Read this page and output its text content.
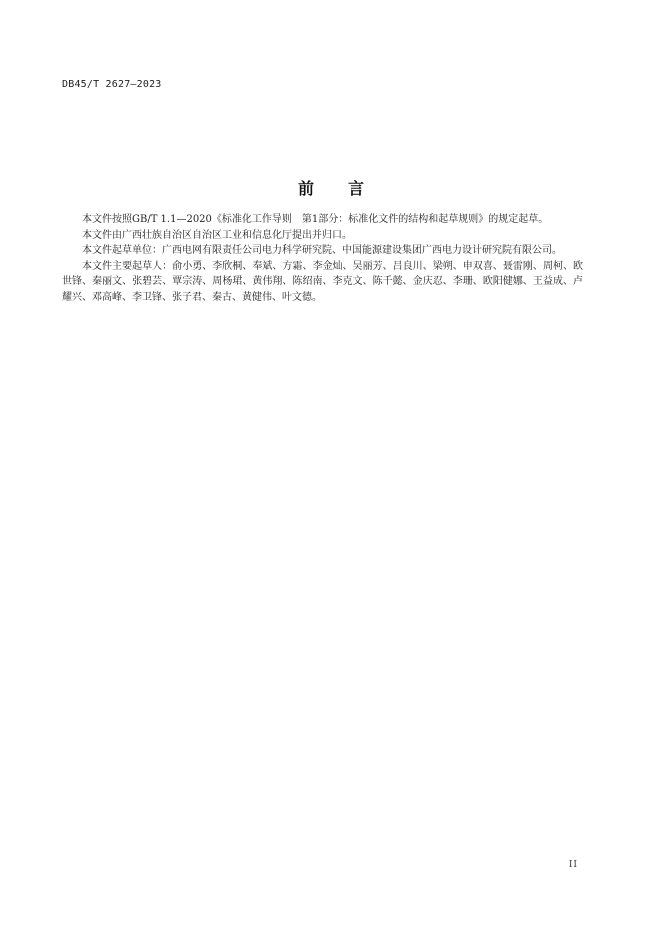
DB45/T 2627—2023
前 言

本文件按照GB/T 1.1—2020《标准化工作导则　第1部分：标准化文件的结构和起草规则》的规定起草。

本文件由广西壮族自治区自治区工业和信息化厅提出并归口。

本文件起草单位：广西电网有限责任公司电力科学研究院、中国能源建设集团广西电力设计研究院有限公司。

本文件主要起草人：俞小勇、李欣桐、奉斌、方霜、李金灿、吴丽芳、吕良川、梁朔、申双喜、聂雷刚、周柯、欧世锋、秦丽文、张碧芸、覃宗涛、周杨珺、黄伟翔、陈绍南、李克文、陈千懿、金庆忍、李珊、欧阳健娜、王益成、卢耀兴、邓高峰、李卫锋、张子君、秦古、黄健伟、叶文德。

II
